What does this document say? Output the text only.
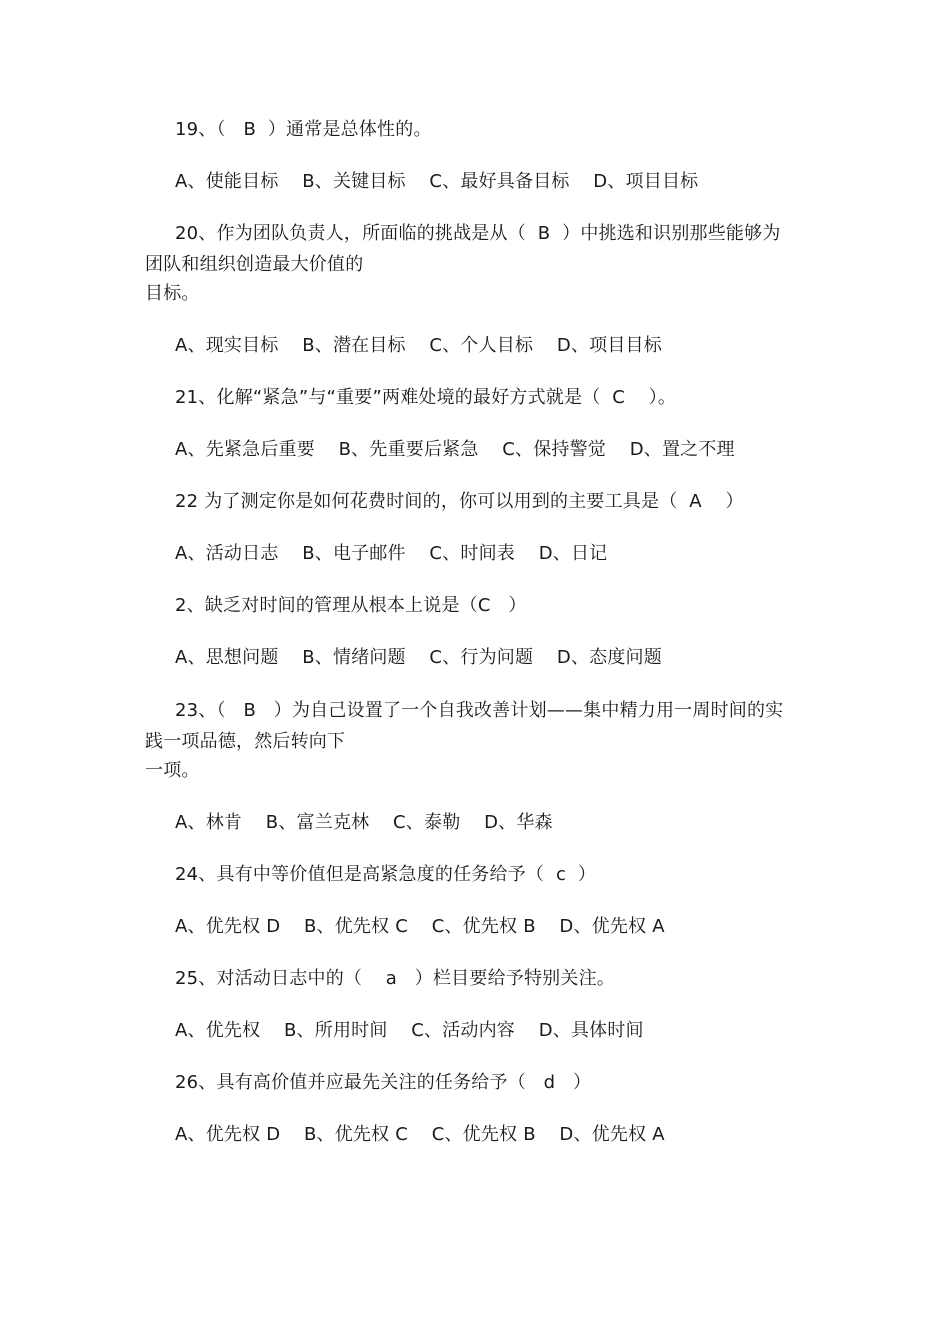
19、（   B  ）通常是总体性的。
A、使能目标    B、关键目标    C、最好具备目标    D、项目目标
20、作为团队负责人，所面临的挑战是从（  B  ）中挑选和识别那些能够为
团队和组织创造最大价值的
目标。
A、现实目标    B、潜在目标    C、个人目标    D、项目目标
21、化解“紧急”与“重要”两难处境的最好方式就是（  C    ）。
A、先紧急后重要    B、先重要后紧急    C、保持警觉    D、置之不理
22 为了测定你是如何花费时间的，你可以用到的主要工具是（  A    ）
A、活动日志    B、电子邮件    C、时间表    D、日记
2、缺乏对时间的管理从根本上说是（C   ）
A、思想问题    B、情绪问题    C、行为问题    D、态度问题
23、（   B   ）为自己设置了一个自我改善计划——集中精力用一周时间的实
践一项品德，然后转向下
一项。
A、林肯    B、富兰克林    C、泰勒    D、华森
24、具有中等价值但是高紧急度的任务给予（  c  ）
A、优先权 D    B、优先权 C    C、优先权 B    D、优先权 A
25、对活动日志中的（    a   ）栏目要给予特别关注。
A、优先权    B、所用时间    C、活动内容    D、具体时间
26、具有高价值并应最先关注的任务给予（   d   ）
A、优先权 D    B、优先权 C    C、优先权 B    D、优先权 A
